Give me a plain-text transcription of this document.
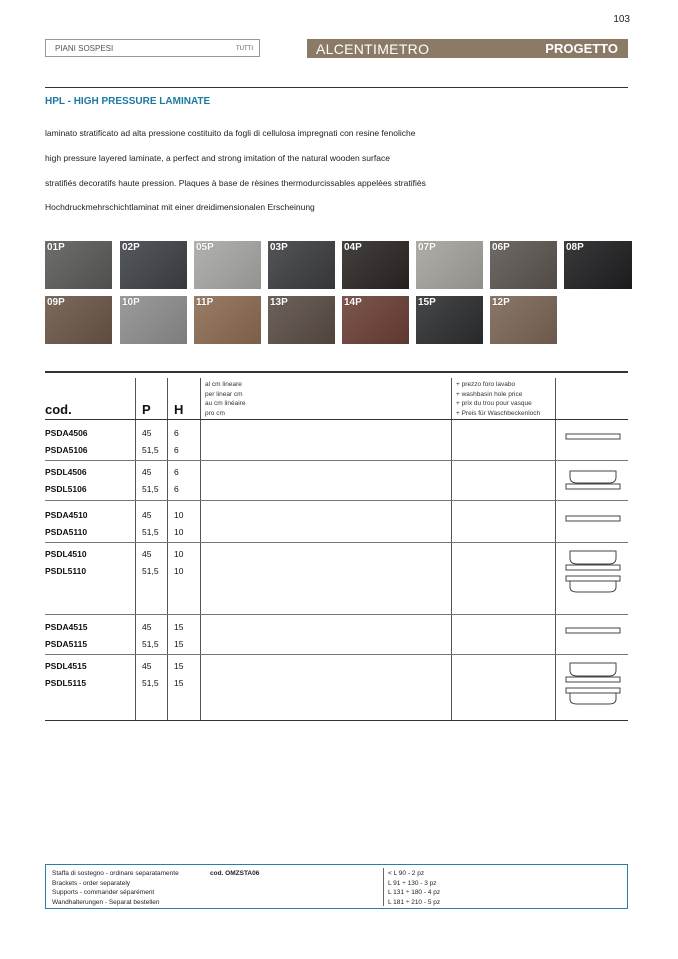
103
PIANI SOSPESI	TUTTI	ALCENTIMETRO	PROGETTO
HPL - HIGH PRESSURE LAMINATE
laminato stratificato ad alta pressione costituito da fogli di cellulosa impregnati con resine fenoliche
high pressure layered laminate, a perfect and strong imitation of the natural wooden surface
stratifiés decoratifs haute pression. Plaques à base de rèsines thermodurcissables appelèes stratifiès
Hochdruckmehrschichtlaminat mit einer dreidimensionalen Erscheinung
01P	02P	05P	03P	04P	07P	06P	08P
09P	10P	11P	13P	14P	15P	12P
cod.	P H
al cm lineare
per linear cm
au cm linéaire
pro cm
+ prezzo foro lavabo
+ washbasin hole price
+ prix du trou pour vasque
+ Preis für Waschbeckenloch
PSDA4506	45	6
PSDA5106	51,5 6
PSDL4506	45	6
PSDL5106	51,5 6
PSDA4510	45	10
PSDA5110	51,5 10
PSDL4510	45	10
PSDL5110	51,5 10
PSDA4515	45	15
PSDA5115	51,5 15
PSDL4515	45	15
PSDL5115	51,5 15
Staffa di sostegno - ordinare separatamente
Brackets - order separately
Supports - commander séparément
Wandhalterungen - Separat bestellen
cod. OMZSTA06	< L 90 - 2 pz
L 91 ÷ 130 - 3 pz
L 131 ÷ 180 - 4 pz
L 181 ÷ 210 - 5 pz
